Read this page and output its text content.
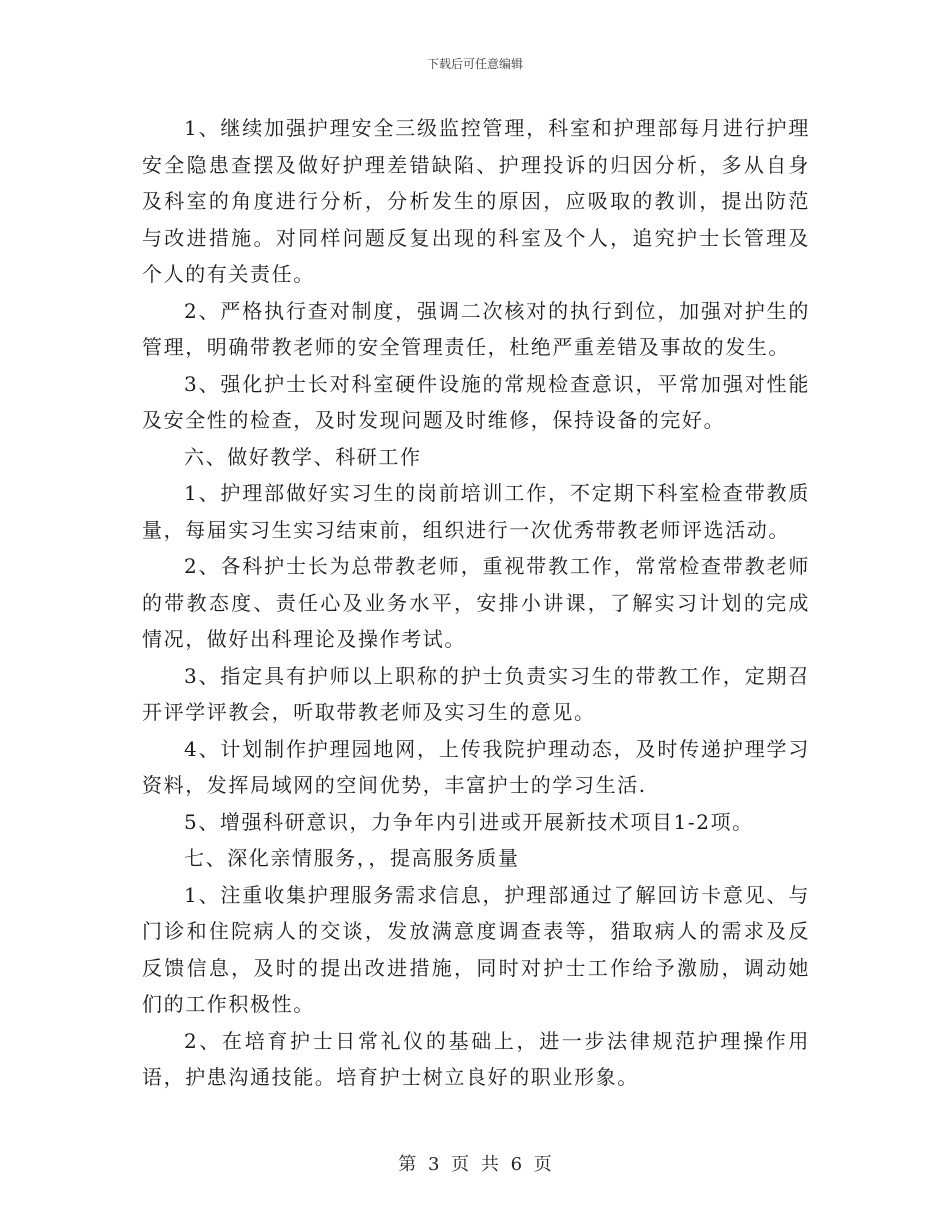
下载后可任意编辑

1、继续加强护理安全三级监控管理，科室和护理部每月进行护理安全隐患查摆及做好护理差错缺陷、护理投诉的归因分析，多从自身及科室的角度进行分析，分析发生的原因，应吸取的教训，提出防范与改进措施。对同样问题反复出现的科室及个人，追究护士长管理及个人的有关责任。

2、严格执行查对制度，强调二次核对的执行到位，加强对护生的管理，明确带教老师的安全管理责任，杜绝严重差错及事故的发生。

3、强化护士长对科室硬件设施的常规检查意识，平常加强对性能及安全性的检查，及时发现问题及时维修，保持设备的完好。

六、做好教学、科研工作

1、护理部做好实习生的岗前培训工作，不定期下科室检查带教质量，每届实习生实习结束前，组织进行一次优秀带教老师评选活动。

2、各科护士长为总带教老师，重视带教工作，常常检查带教老师的带教态度、责任心及业务水平，安排小讲课，了解实习计划的完成情况，做好出科理论及操作考试。

3、指定具有护师以上职称的护士负责实习生的带教工作，定期召开评学评教会，听取带教老师及实习生的意见。

4、计划制作护理园地网，上传我院护理动态，及时传递护理学习资料，发挥局域网的空间优势，丰富护士的学习生活.

5、增强科研意识，力争年内引进或开展新技术项目1-2项。

七、深化亲情服务，，提高服务质量

1、注重收集护理服务需求信息，护理部通过了解回访卡意见、与门诊和住院病人的交谈，发放满意度调查表等，猎取病人的需求及反反馈信息，及时的提出改进措施，同时对护士工作给予激励，调动她们的工作积极性。

2、在培育护士日常礼仪的基础上，进一步法律规范护理操作用语，护患沟通技能。培育护士树立良好的职业形象。

第 3 页 共 6 页
